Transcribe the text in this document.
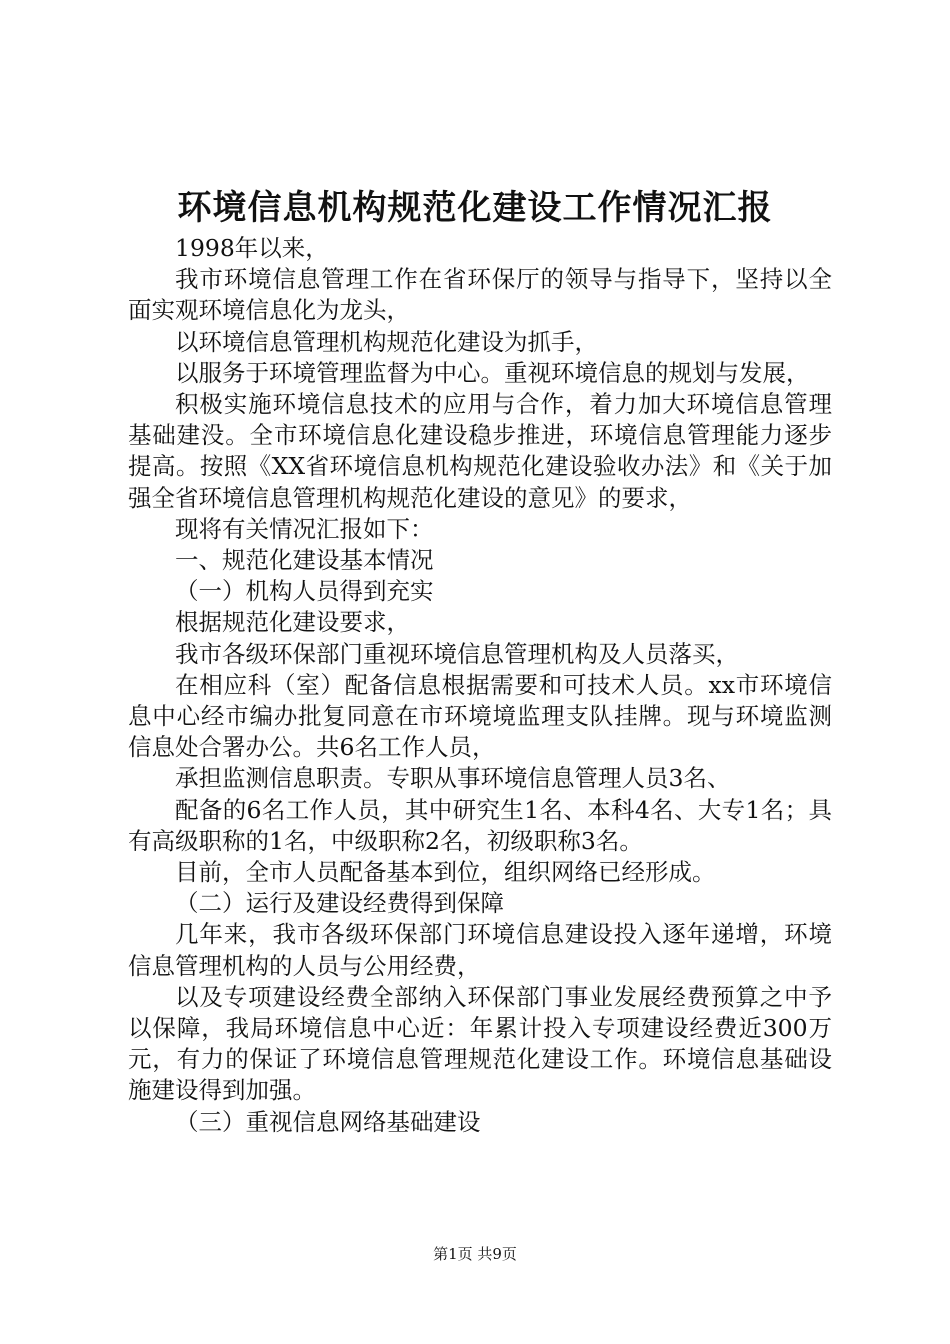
环境信息机构规范化建设工作情况汇报

1998年以来，

我市环境信息管理工作在省环保厅的领导与指导下，坚持以全面实观环境信息化为龙头，

以环境信息管理机构规范化建设为抓手，

以服务于环境管理监督为中心。重视环境信息的规划与发展，

积极实施环境信息技术的应用与合作，着力加大环境信息管理基础建没。全市环境信息化建设稳步推进，环境信息管理能力逐步提高。按照《XX省环境信息机构规范化建设验收办法》和《关于加强全省环境信息管理机构规范化建设的意见》的要求，

现将有关情况汇报如下：

一、规范化建设基本情况

（一）机构人员得到充实

根据规范化建设要求，

我市各级环保部门重视环境信息管理机构及人员落买，

在相应科（室）配备信息根据需要和可技术人员。xx市环境信息中心经市编办批复同意在市环境境监理支队挂牌。现与环境监测信息处合署办公。共6名工作人员，

承担监测信息职责。专职从事环境信息管理人员3名、

配备的6名工作人员，其中研究生1名、本科4名、大专1名；具有高级职称的1名，中级职称2名，初级职称3名。

目前，全市人员配备基本到位，组织网络已经形成。

（二）运行及建设经费得到保障

几年来，我市各级环保部门环境信息建设投入逐年递增，环境信息管理机构的人员与公用经费，

以及专项建设经费全部纳入环保部门事业发展经费预算之中予以保障，我局环境信息中心近：年累计投入专项建设经费近300万元，有力的保证了环境信息管理规范化建设工作。环境信息基础设施建设得到加强。

（三）重视信息网络基础建设

第1页 共9页
